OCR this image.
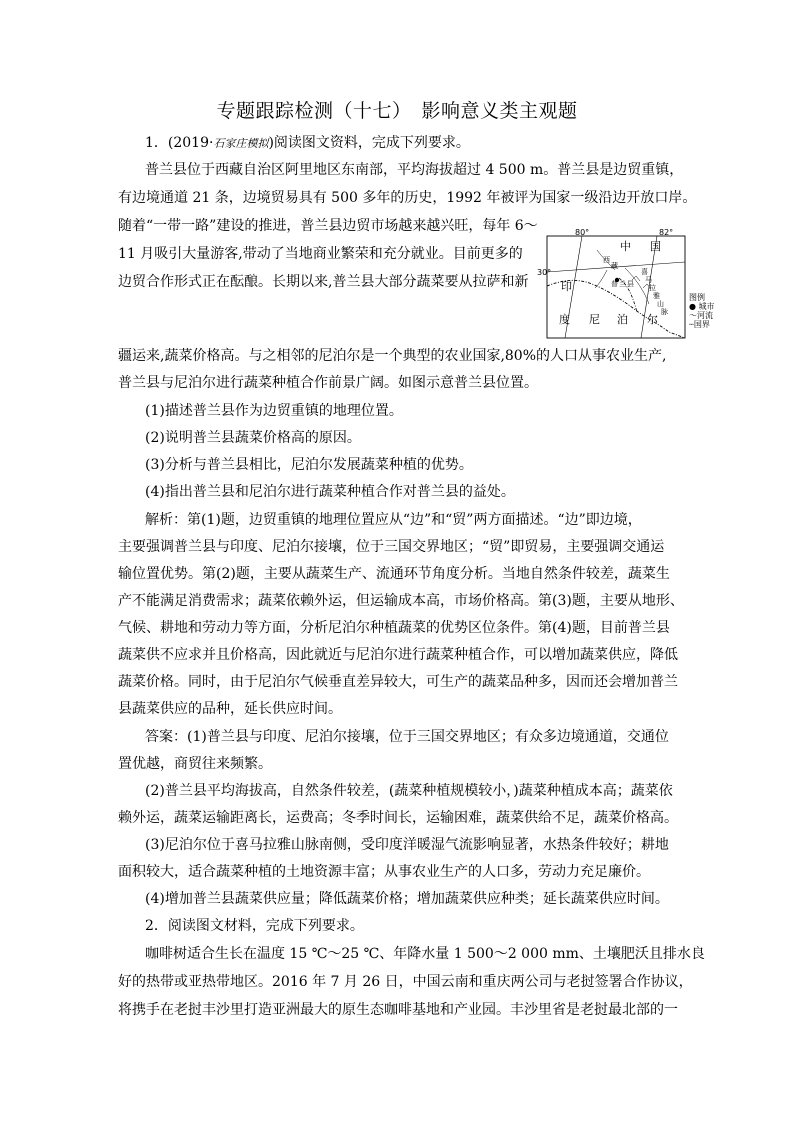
专题跟踪检测（十七）　影响意义类主观题
1．(2019·石家庄模拟)阅读图文资料，完成下列要求。
普兰县位于西藏自治区阿里地区东南部，平均海拔超过 4 500 m。普兰县是边贸重镇，
有边境通道 21 条，边境贸易具有 500 多年的历史，1992 年被评为国家一级沿边开放口岸。
随着“一带一路”建设的推进，普兰县边贸市场越来越兴旺，每年 6～
11 月吸引大量游客,带动了当地商业繁荣和充分就业。目前更多的
边贸合作形式正在酝酿。长期以来,普兰县大部分蔬菜要从拉萨和新
疆运来,蔬菜价格高。与之相邻的尼泊尔是一个典型的农业国家,80%的人口从事农业生产,
普兰县与尼泊尔进行蔬菜种植合作前景广阔。如图示意普兰县位置。
80°	82°
30°
中 国
印
度 尼 泊 尔
普 兰 县
西
藏
喜
马
拉
雅
山
脉
图例
● 城市
〜河流
┄国界
(1)描述普兰县作为边贸重镇的地理位置。
(2)说明普兰县蔬菜价格高的原因。
(3)分析与普兰县相比，尼泊尔发展蔬菜种植的优势。
(4)指出普兰县和尼泊尔进行蔬菜种植合作对普兰县的益处。
解析：第(1)题，边贸重镇的地理位置应从“边”和“贸”两方面描述。“边”即边境，
主要强调普兰县与印度、尼泊尔接壤，位于三国交界地区；“贸”即贸易，主要强调交通运
输位置优势。第(2)题，主要从蔬菜生产、流通环节角度分析。当地自然条件较差，蔬菜生
产不能满足消费需求；蔬菜依赖外运，但运输成本高，市场价格高。第(3)题，主要从地形、
气候、耕地和劳动力等方面，分析尼泊尔种植蔬菜的优势区位条件。第(4)题，目前普兰县
蔬菜供不应求并且价格高，因此就近与尼泊尔进行蔬菜种植合作，可以增加蔬菜供应，降低
蔬菜价格。同时，由于尼泊尔气候垂直差异较大，可生产的蔬菜品种多，因而还会增加普兰
县蔬菜供应的品种，延长供应时间。
答案：(1)普兰县与印度、尼泊尔接壤，位于三国交界地区；有众多边境通道，交通位
置优越，商贸往来频繁。
(2)普兰县平均海拔高，自然条件较差，(蔬菜种植规模较小，)蔬菜种植成本高；蔬菜依
赖外运，蔬菜运输距离长，运费高；冬季时间长，运输困难，蔬菜供给不足，蔬菜价格高。
(3)尼泊尔位于喜马拉雅山脉南侧，受印度洋暖湿气流影响显著，水热条件较好；耕地
面积较大，适合蔬菜种植的土地资源丰富；从事农业生产的人口多，劳动力充足廉价。
(4)增加普兰县蔬菜供应量；降低蔬菜价格；增加蔬菜供应种类；延长蔬菜供应时间。
2．阅读图文材料，完成下列要求。
咖啡树适合生长在温度 15 ℃～25 ℃、年降水量 1 500～2 000 mm、土壤肥沃且排水良
好的热带或亚热带地区。2016 年 7 月 26 日，中国云南和重庆两公司与老挝签署合作协议，
将携手在老挝丰沙里打造亚洲最大的原生态咖啡基地和产业园。丰沙里省是老挝最北部的一
